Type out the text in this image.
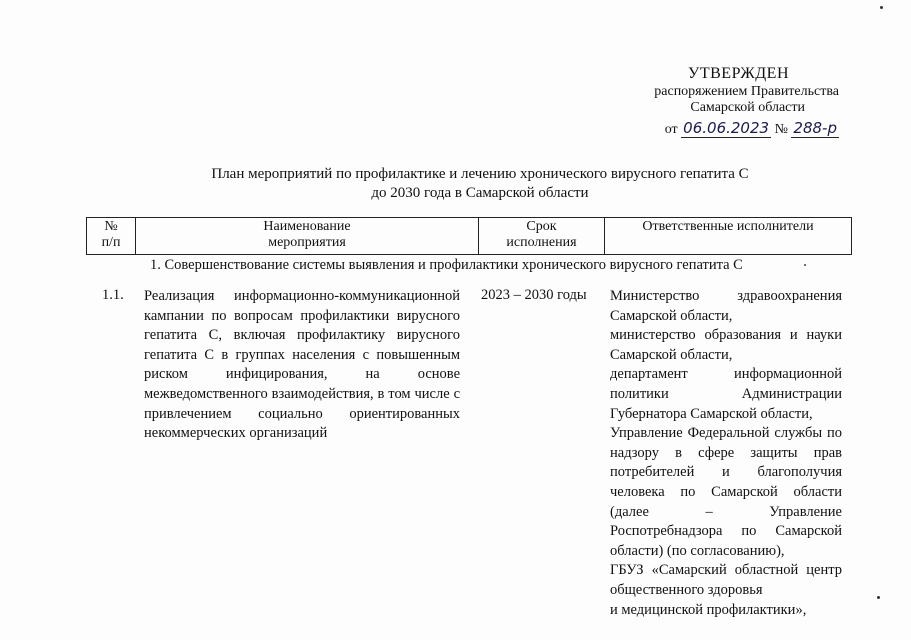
УТВЕРЖДЕН
распоряжением Правительства
Самарской области
от 06.06.2023 № 288-р
План мероприятий по профилактике и лечению хронического вирусного гепатита С
до 2030 года в Самарской области
№
п/п
Наименование
мероприятия
Срок
исполнения
Ответственные исполнители
1. Совершенствование системы выявления и профилактики хронического вирусного гепатита С
1.1. Реализация информационно-коммуникационной кампании по вопросам профилактики вирусного гепатита С, включая профилактику вирусного гепатита С в группах населения с повышенным риском инфицирования, на основе межведомственного взаимодействия, в том числе с привлечением социально ориентированных некоммерческих организаций
2023 – 2030 годы Министерство здравоохранения Самарской области,
министерство образования и науки Самарской области,
департамент информационной политики Администрации Губернатора Самарской области,
Управление Федеральной службы по надзору в сфере защиты прав потребителей и благополучия человека по Самарской области (далее – Управление Роспотребнадзора по Самарской области) (по согласованию),
ГБУЗ «Самарский областной центр общественного здоровья
и медицинской профилактики»,
